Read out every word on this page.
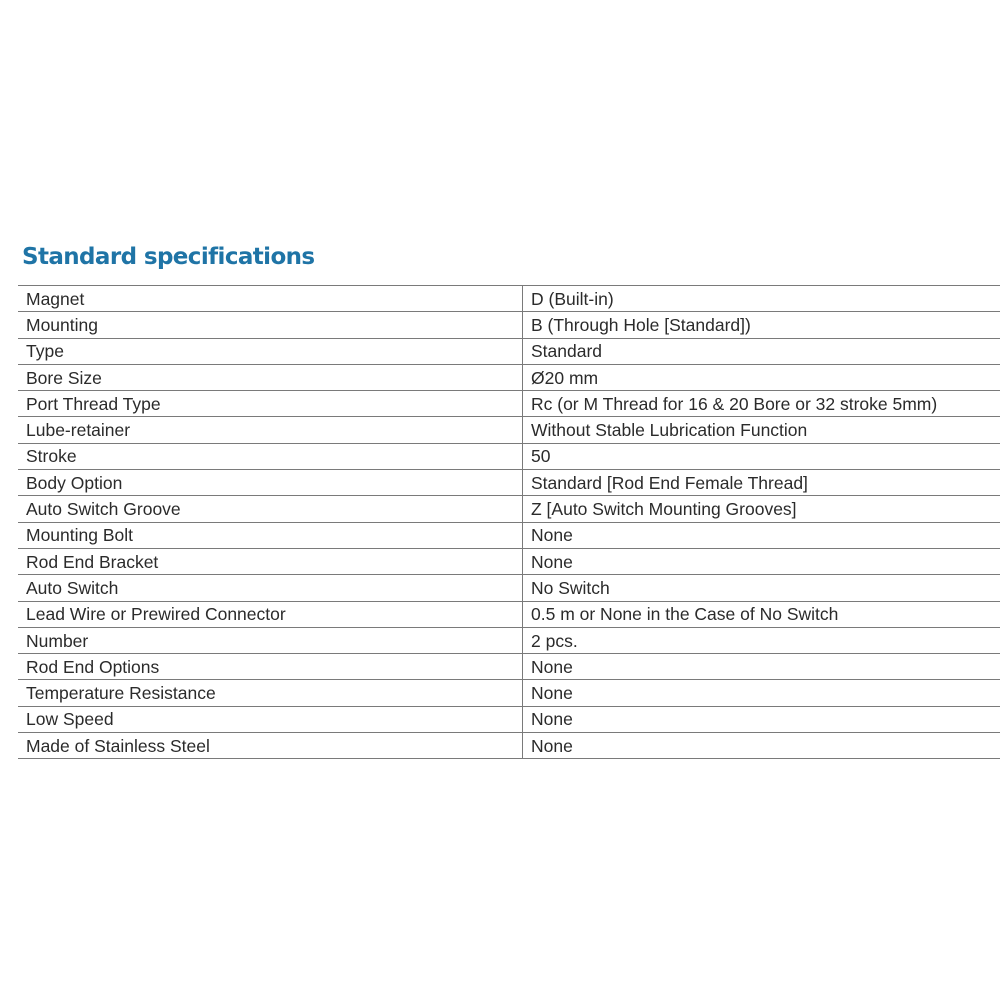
Standard specifications
Magnet	D (Built-in)
Mounting	B (Through Hole [Standard])
Type	Standard
Bore Size	Ø20 mm
Port Thread Type	Rc (or M Thread for 16 & 20 Bore or 32 stroke 5mm)
Lube-retainer	Without Stable Lubrication Function
Stroke	50
Body Option	Standard [Rod End Female Thread]
Auto Switch Groove	Z [Auto Switch Mounting Grooves]
Mounting Bolt	None
Rod End Bracket	None
Auto Switch	No Switch
Lead Wire or Prewired Connector	0.5 m or None in the Case of No Switch
Number	2 pcs.
Rod End Options	None
Temperature Resistance	None
Low Speed	None
Made of Stainless Steel	None
